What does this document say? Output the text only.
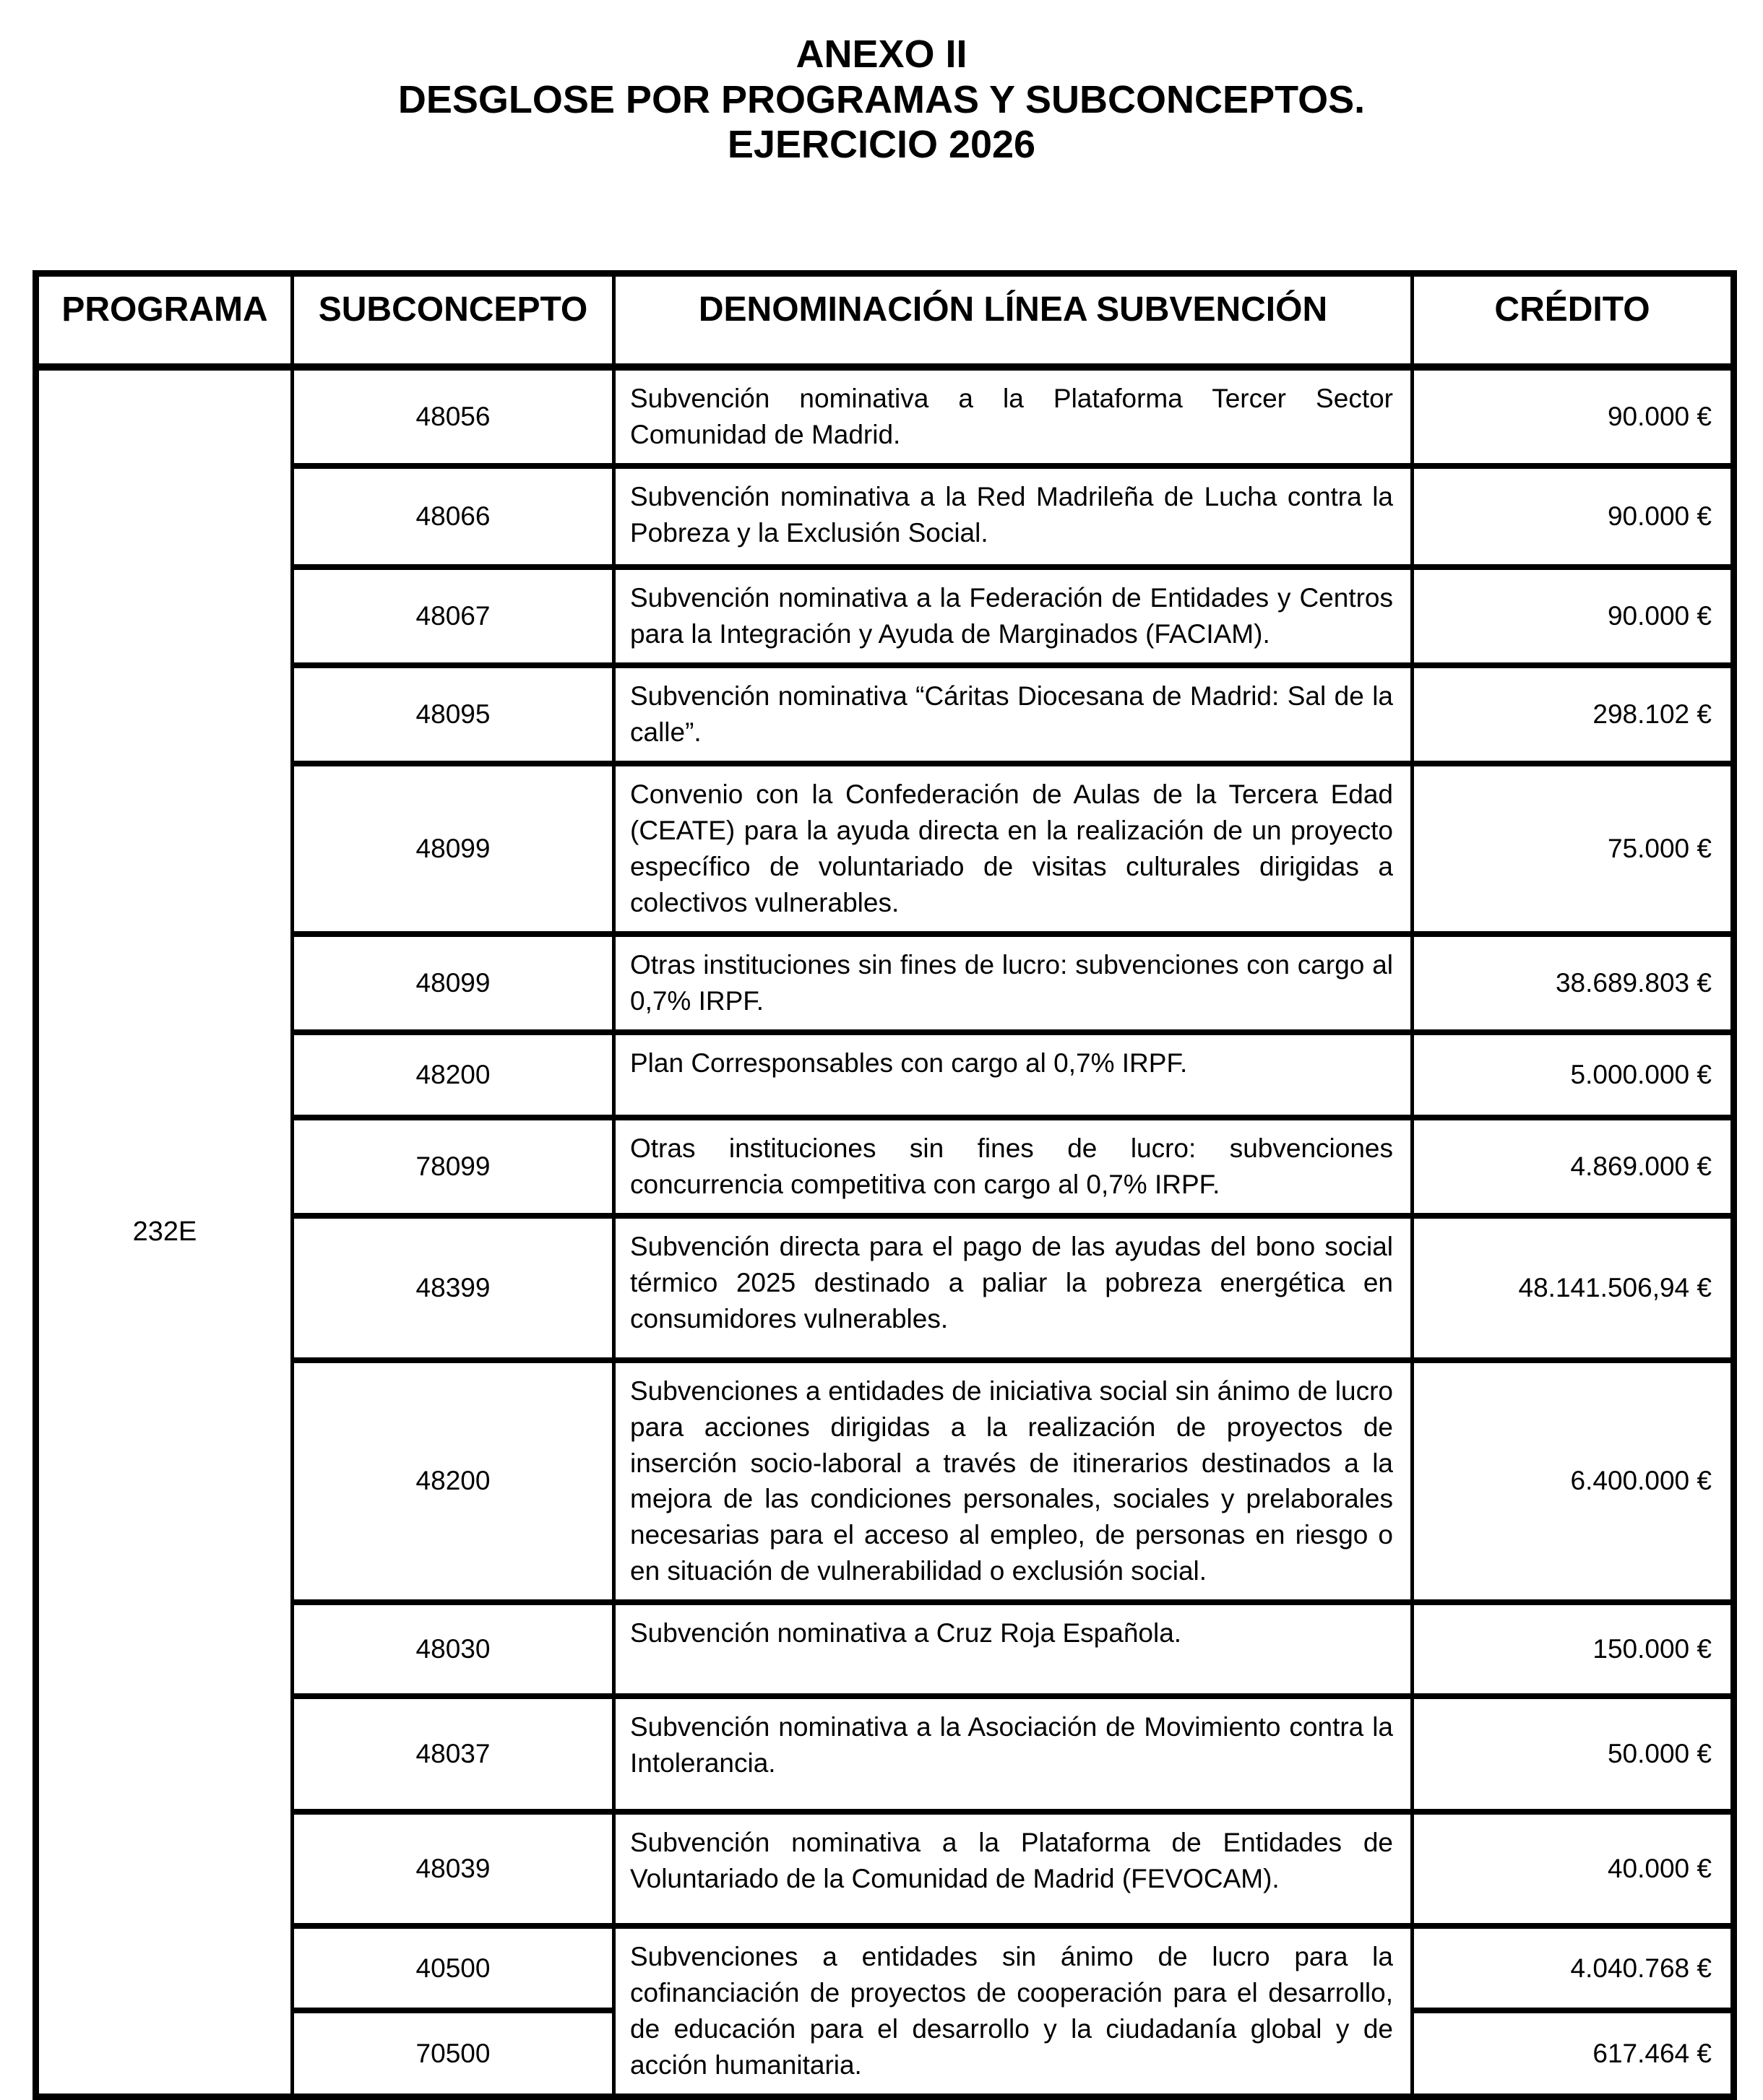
ANEXO II
DESGLOSE POR PROGRAMAS Y SUBCONCEPTOS.
EJERCICIO 2026
PROGRAMA	SUBCONCEPTO	DENOMINACIÓN LÍNEA SUBVENCIÓN	CRÉDITO
232E	48056	Subvención nominativa a la Plataforma Tercer Sector Comunidad de Madrid.	90.000 €
	48066	Subvención nominativa a la Red Madrileña de Lucha contra la Pobreza y la Exclusión Social.	90.000 €
	48067	Subvención nominativa a la Federación de Entidades y Centros para la Integración y Ayuda de Marginados (FACIAM).	90.000 €
	48095	Subvención nominativa “Cáritas Diocesana de Madrid: Sal de la calle”.	298.102 €
	48099	Convenio con la Confederación de Aulas de la Tercera Edad (CEATE) para la ayuda directa en la realización de un proyecto específico de voluntariado de visitas culturales dirigidas a colectivos vulnerables.	75.000 €
	48099	Otras instituciones sin fines de lucro: subvenciones con cargo al 0,7% IRPF.	38.689.803 €
	48200	Plan Corresponsables con cargo al 0,7% IRPF.	5.000.000 €
	78099	Otras instituciones sin fines de lucro: subvenciones concurrencia competitiva con cargo al 0,7% IRPF.	4.869.000 €
	48399	Subvención directa para el pago de las ayudas del bono social térmico 2025 destinado a paliar la pobreza energética en consumidores vulnerables.	48.141.506,94 €
	48200	Subvenciones a entidades de iniciativa social sin ánimo de lucro para acciones dirigidas a la realización de proyectos de inserción socio-laboral a través de itinerarios destinados a la mejora de las condiciones personales, sociales y prelaborales necesarias para el acceso al empleo, de personas en riesgo o en situación de vulnerabilidad o exclusión social.	6.400.000 €
	48030	Subvención nominativa a Cruz Roja Española.	150.000 €
	48037	Subvención nominativa a la Asociación de Movimiento contra la Intolerancia.	50.000 €
	48039	Subvención nominativa a la Plataforma de Entidades de Voluntariado de la Comunidad de Madrid (FEVOCAM).	40.000 €
	40500	Subvenciones a entidades sin ánimo de lucro para la cofinanciación de proyectos de cooperación para el desarrollo, de educación para el desarrollo y la ciudadanía global y de acción humanitaria.	4.040.768 €
	70500		617.464 €
